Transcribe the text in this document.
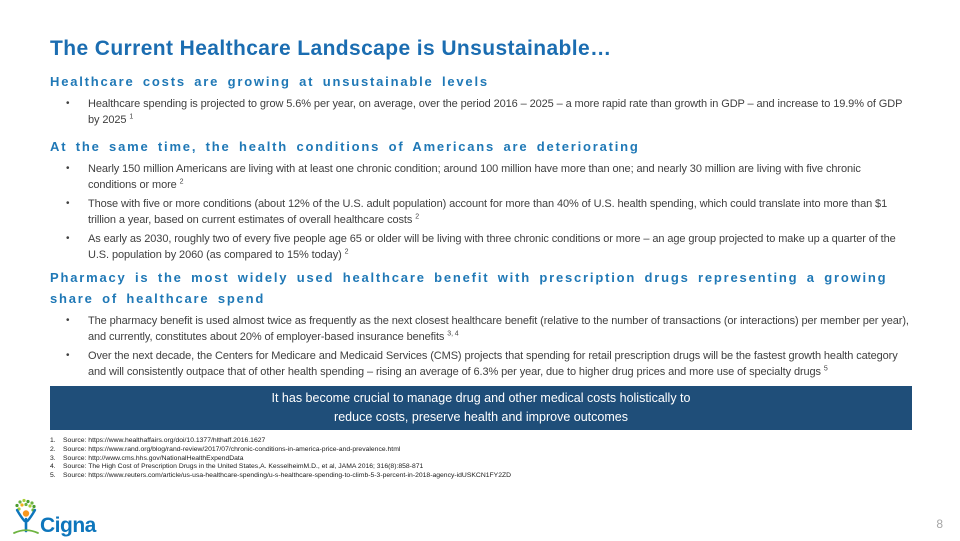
The Current Healthcare Landscape is Unsustainable…
Healthcare costs are growing at unsustainable levels
• Healthcare spending is projected to grow 5.6% per year, on average, over the period 2016 – 2025 – a more rapid rate than growth in GDP – and increase to 19.9% of GDP by 2025 $^1$
At the same time, the health conditions of Americans are deteriorating
• Nearly 150 million Americans are living with at least one chronic condition; around 100 million have more than one; and nearly 30 million are living with five chronic conditions or more $^2$
• Those with five or more conditions (about 12% of the U.S. adult population) account for more than 40% of U.S. health spending, which could translate into more than $1 trillion a year, based on current estimates of overall healthcare costs $^2$
• As early as 2030, roughly two of every five people age 65 or older will be living with three chronic conditions or more – an age group projected to make up a quarter of the U.S. population by 2060 (as compared to 15% today) $^2$
Pharmacy is the most widely used healthcare benefit with prescription drugs representing a growing share of healthcare spend
• The pharmacy benefit is used almost twice as frequently as the next closest healthcare benefit (relative to the number of transactions (or interactions) per member per year), and currently, constitutes about 20% of employer-based insurance benefits $^{3, 4}$
• Over the next decade, the Centers for Medicare and Medicaid Services (CMS) projects that spending for retail prescription drugs will be the fastest growth health category and will consistently outpace that of other health spending – rising an average of 6.3% per year, due to higher drug prices and more use of specialty drugs $^5$
It has become crucial to manage drug and other medical costs holistically to
reduce costs, preserve health and improve outcomes
1.	Source: https://www.healthaffairs.org/doi/10.1377/hlthaff.2016.1627
2.	Source: https://www.rand.org/blog/rand-review/2017/07/chronic-conditions-in-america-price-and-prevalence.html
3.	Source: http://www.cms.hhs.gov/NationalHealthExpendData
4.	Source: The High Cost of Prescription Drugs in the United States,A. KesselheimM.D., et al, JAMA 2016; 316(8):858-871
5.	Source: https://www.reuters.com/article/us-usa-healthcare-spending/u-s-healthcare-spending-to-climb-5-3-percent-in-2018-agency-idUSKCN1FY2ZD
Cigna	8
